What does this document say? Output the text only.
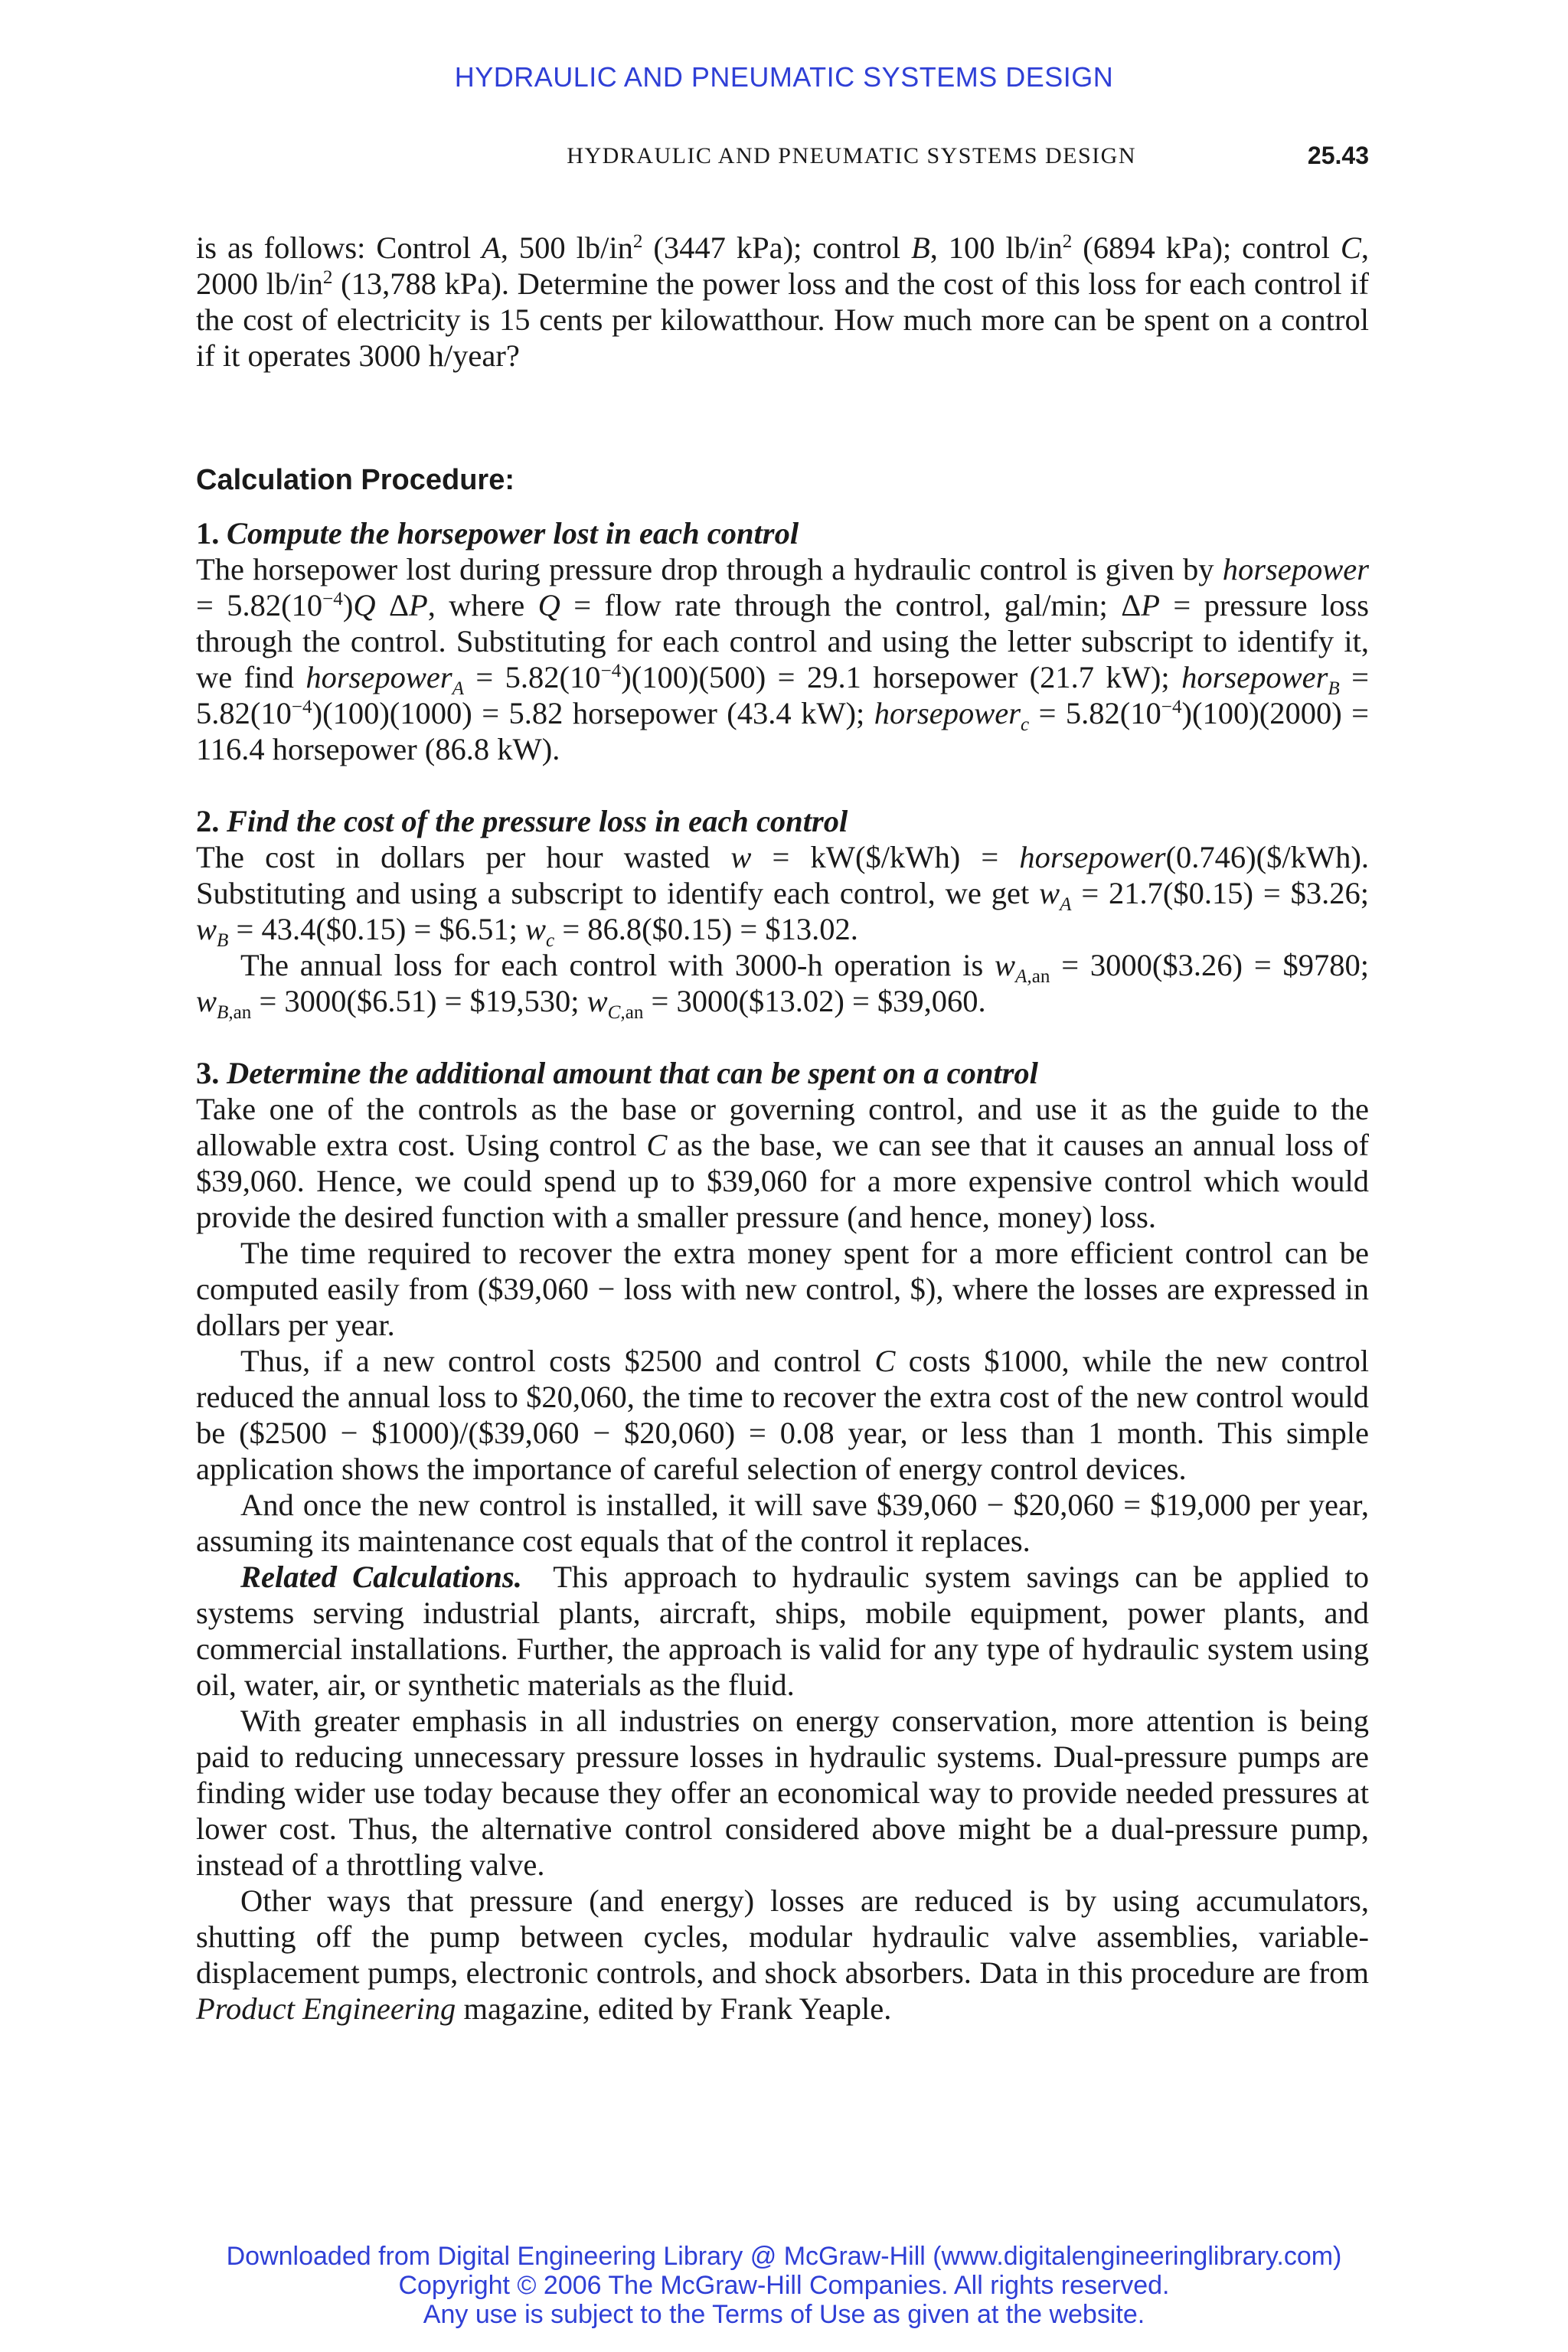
HYDRAULIC AND PNEUMATIC SYSTEMS DESIGN
HYDRAULIC AND PNEUMATIC SYSTEMS DESIGN	25.43

is as follows: Control A, 500 $lb/in^2$ (3447 kPa); control B, 100 $lb/in^2$ (6894 kPa); control C, 2000 $lb/in^2$ (13,788 kPa). Determine the power loss and the cost of this loss for each control if the cost of electricity is 15 cents per kilowatthour. How much more can be spent on a control if it operates 3000 h/year?

Calculation Procedure:

1. Compute the horsepower lost in each control

The horsepower lost during pressure drop through a hydraulic control is given by horsepower = $5.82(10^{-4})Q$ ΔP, where Q = flow rate through the control, gal/min; ΔP = pressure loss through the control. Substituting for each control and using the letter subscript to identify it, we find horsepower$_A$ = $5.82(10^{-4})(100)(500) = 29.1$ horsepower (21.7 kW); horsepower$_B$ = $5.82(10^{-4})(100)(1000) = 5.82$ horsepower (43.4 kW); horsepower$_c$ = $5.82(10^{-4})(100)(2000) = 116.4$ horsepower (86.8 kW).

2. Find the cost of the pressure loss in each control

The cost in dollars per hour wasted w = kW($/kWh) = horsepower(0.746)($/kWh). Substituting and using a subscript to identify each control, we get $w_A$ = 21.7($0.15) = $3.26; $w_B$ = 43.4($0.15) = $6.51; $w_c$ = 86.8($0.15) = $13.02.

The annual loss for each control with 3000-h operation is $w_{A,an}$ = 3000($3.26) = $9780; $w_{B,an}$ = 3000($6.51) = $19,530; $w_{C,an}$ = 3000($13.02) = $39,060.

3. Determine the additional amount that can be spent on a control

Take one of the controls as the base or governing control, and use it as the guide to the allowable extra cost. Using control C as the base, we can see that it causes an annual loss of $39,060. Hence, we could spend up to $39,060 for a more expensive control which would provide the desired function with a smaller pressure (and hence, money) loss.

The time required to recover the extra money spent for a more efficient control can be computed easily from ($39,060 − loss with new control, $), where the losses are expressed in dollars per year.

Thus, if a new control costs $2500 and control C costs $1000, while the new control reduced the annual loss to $20,060, the time to recover the extra cost of the new control would be ($2500 − $1000)/($39,060 − $20,060) = 0.08 year, or less than 1 month. This simple application shows the importance of careful selection of energy control devices.

And once the new control is installed, it will save $39,060 − $20,060 = $19,000 per year, assuming its maintenance cost equals that of the control it replaces.

Related Calculations. This approach to hydraulic system savings can be applied to systems serving industrial plants, aircraft, ships, mobile equipment, power plants, and commercial installations. Further, the approach is valid for any type of hydraulic system using oil, water, air, or synthetic materials as the fluid.

With greater emphasis in all industries on energy conservation, more attention is being paid to reducing unnecessary pressure losses in hydraulic systems. Dual-pressure pumps are finding wider use today because they offer an economical way to provide needed pressures at lower cost. Thus, the alternative control considered above might be a dual-pressure pump, instead of a throttling valve.

Other ways that pressure (and energy) losses are reduced is by using accumulators, shutting off the pump between cycles, modular hydraulic valve assemblies, variable-displacement pumps, electronic controls, and shock absorbers. Data in this procedure are from Product Engineering magazine, edited by Frank Yeaple.

Downloaded from Digital Engineering Library @ McGraw-Hill (www.digitalengineeringlibrary.com)
Copyright © 2006 The McGraw-Hill Companies. All rights reserved.
Any use is subject to the Terms of Use as given at the website.
